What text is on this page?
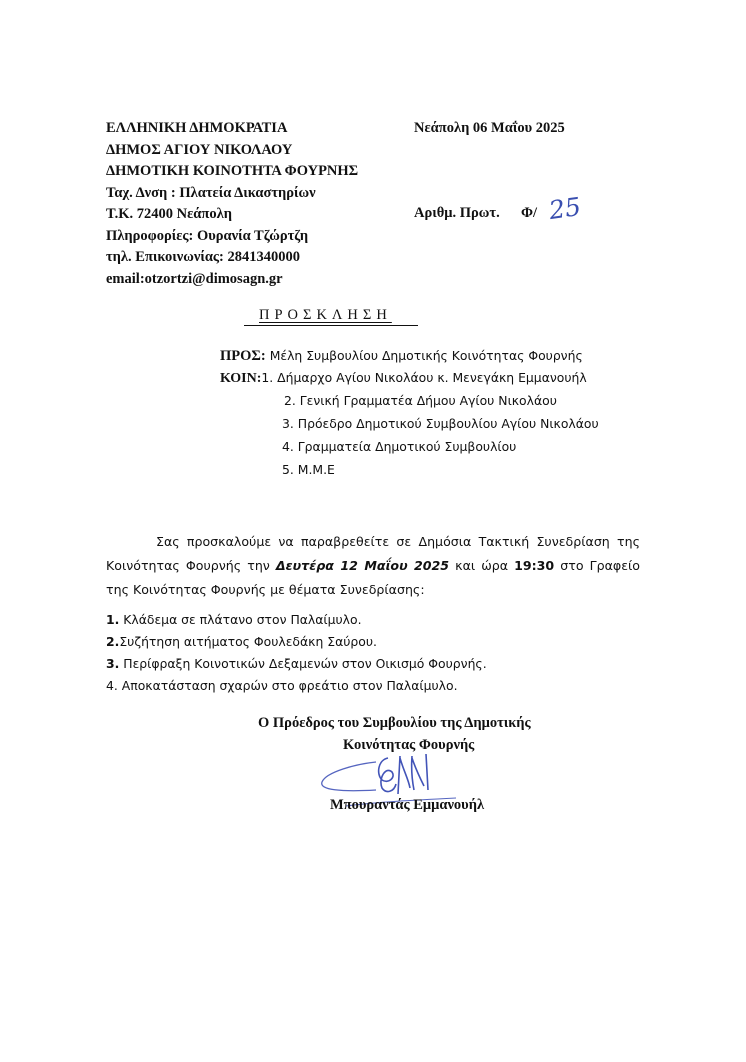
ΕΛΛΗΝΙΚΗ ΔΗΜΟΚΡΑΤΙΑ
ΔΗΜΟΣ ΑΓΙΟΥ ΝΙΚΟΛΑΟΥ
ΔΗΜΟΤΙΚΗ ΚΟΙΝΟΤΗΤΑ ΦΟΥΡΝΗΣ
Ταχ. Δνση : Πλατεία Δικαστηρίων
Τ.Κ. 72400 Νεάπολη
Πληροφορίες: Ουρανία Τζώρτζη
τηλ. Επικοινωνίας: 2841340000
email:otzortzi@dimosagn.gr
Νεάπολη 06 Μαΐου 2025
Αριθμ. Πρωτ. Φ/ 25
ΠΡΟΣΚΛΗΣΗ
ΠΡΟΣ: Μέλη Συμβουλίου Δημοτικής Κοινότητας Φουρνής
ΚΟΙΝ:1. Δήμαρχο Αγίου Νικολάου κ. Μενεγάκη Εμμανουήλ
2. Γενική Γραμματέα Δήμου Αγίου Νικολάου
3. Πρόεδρο Δημοτικού Συμβουλίου Αγίου Νικολάου
4. Γραμματεία Δημοτικού Συμβουλίου
5. Μ.Μ.Ε
Σας προσκαλούμε να παραβρεθείτε σε Δημόσια Τακτική Συνεδρίαση της Κοινότητας Φουρνής την Δευτέρα 12 Μαΐου 2025 και ώρα 19:30 στο Γραφείο της Κοινότητας Φουρνής με θέματα Συνεδρίασης:
1. Κλάδεμα σε πλάτανο στον Παλαίμυλο.
2.Συζήτηση αιτήματος Φουλεδάκη Σαύρου.
3. Περίφραξη Κοινοτικών Δεξαμενών στον Οικισμό Φουρνής.
4. Αποκατάσταση σχαρών στο φρεάτιο στον Παλαίμυλο.
Ο Πρόεδρος του Συμβουλίου της Δημοτικής
Κοινότητας Φουρνής
Μπουραντάς Εμμανουήλ
